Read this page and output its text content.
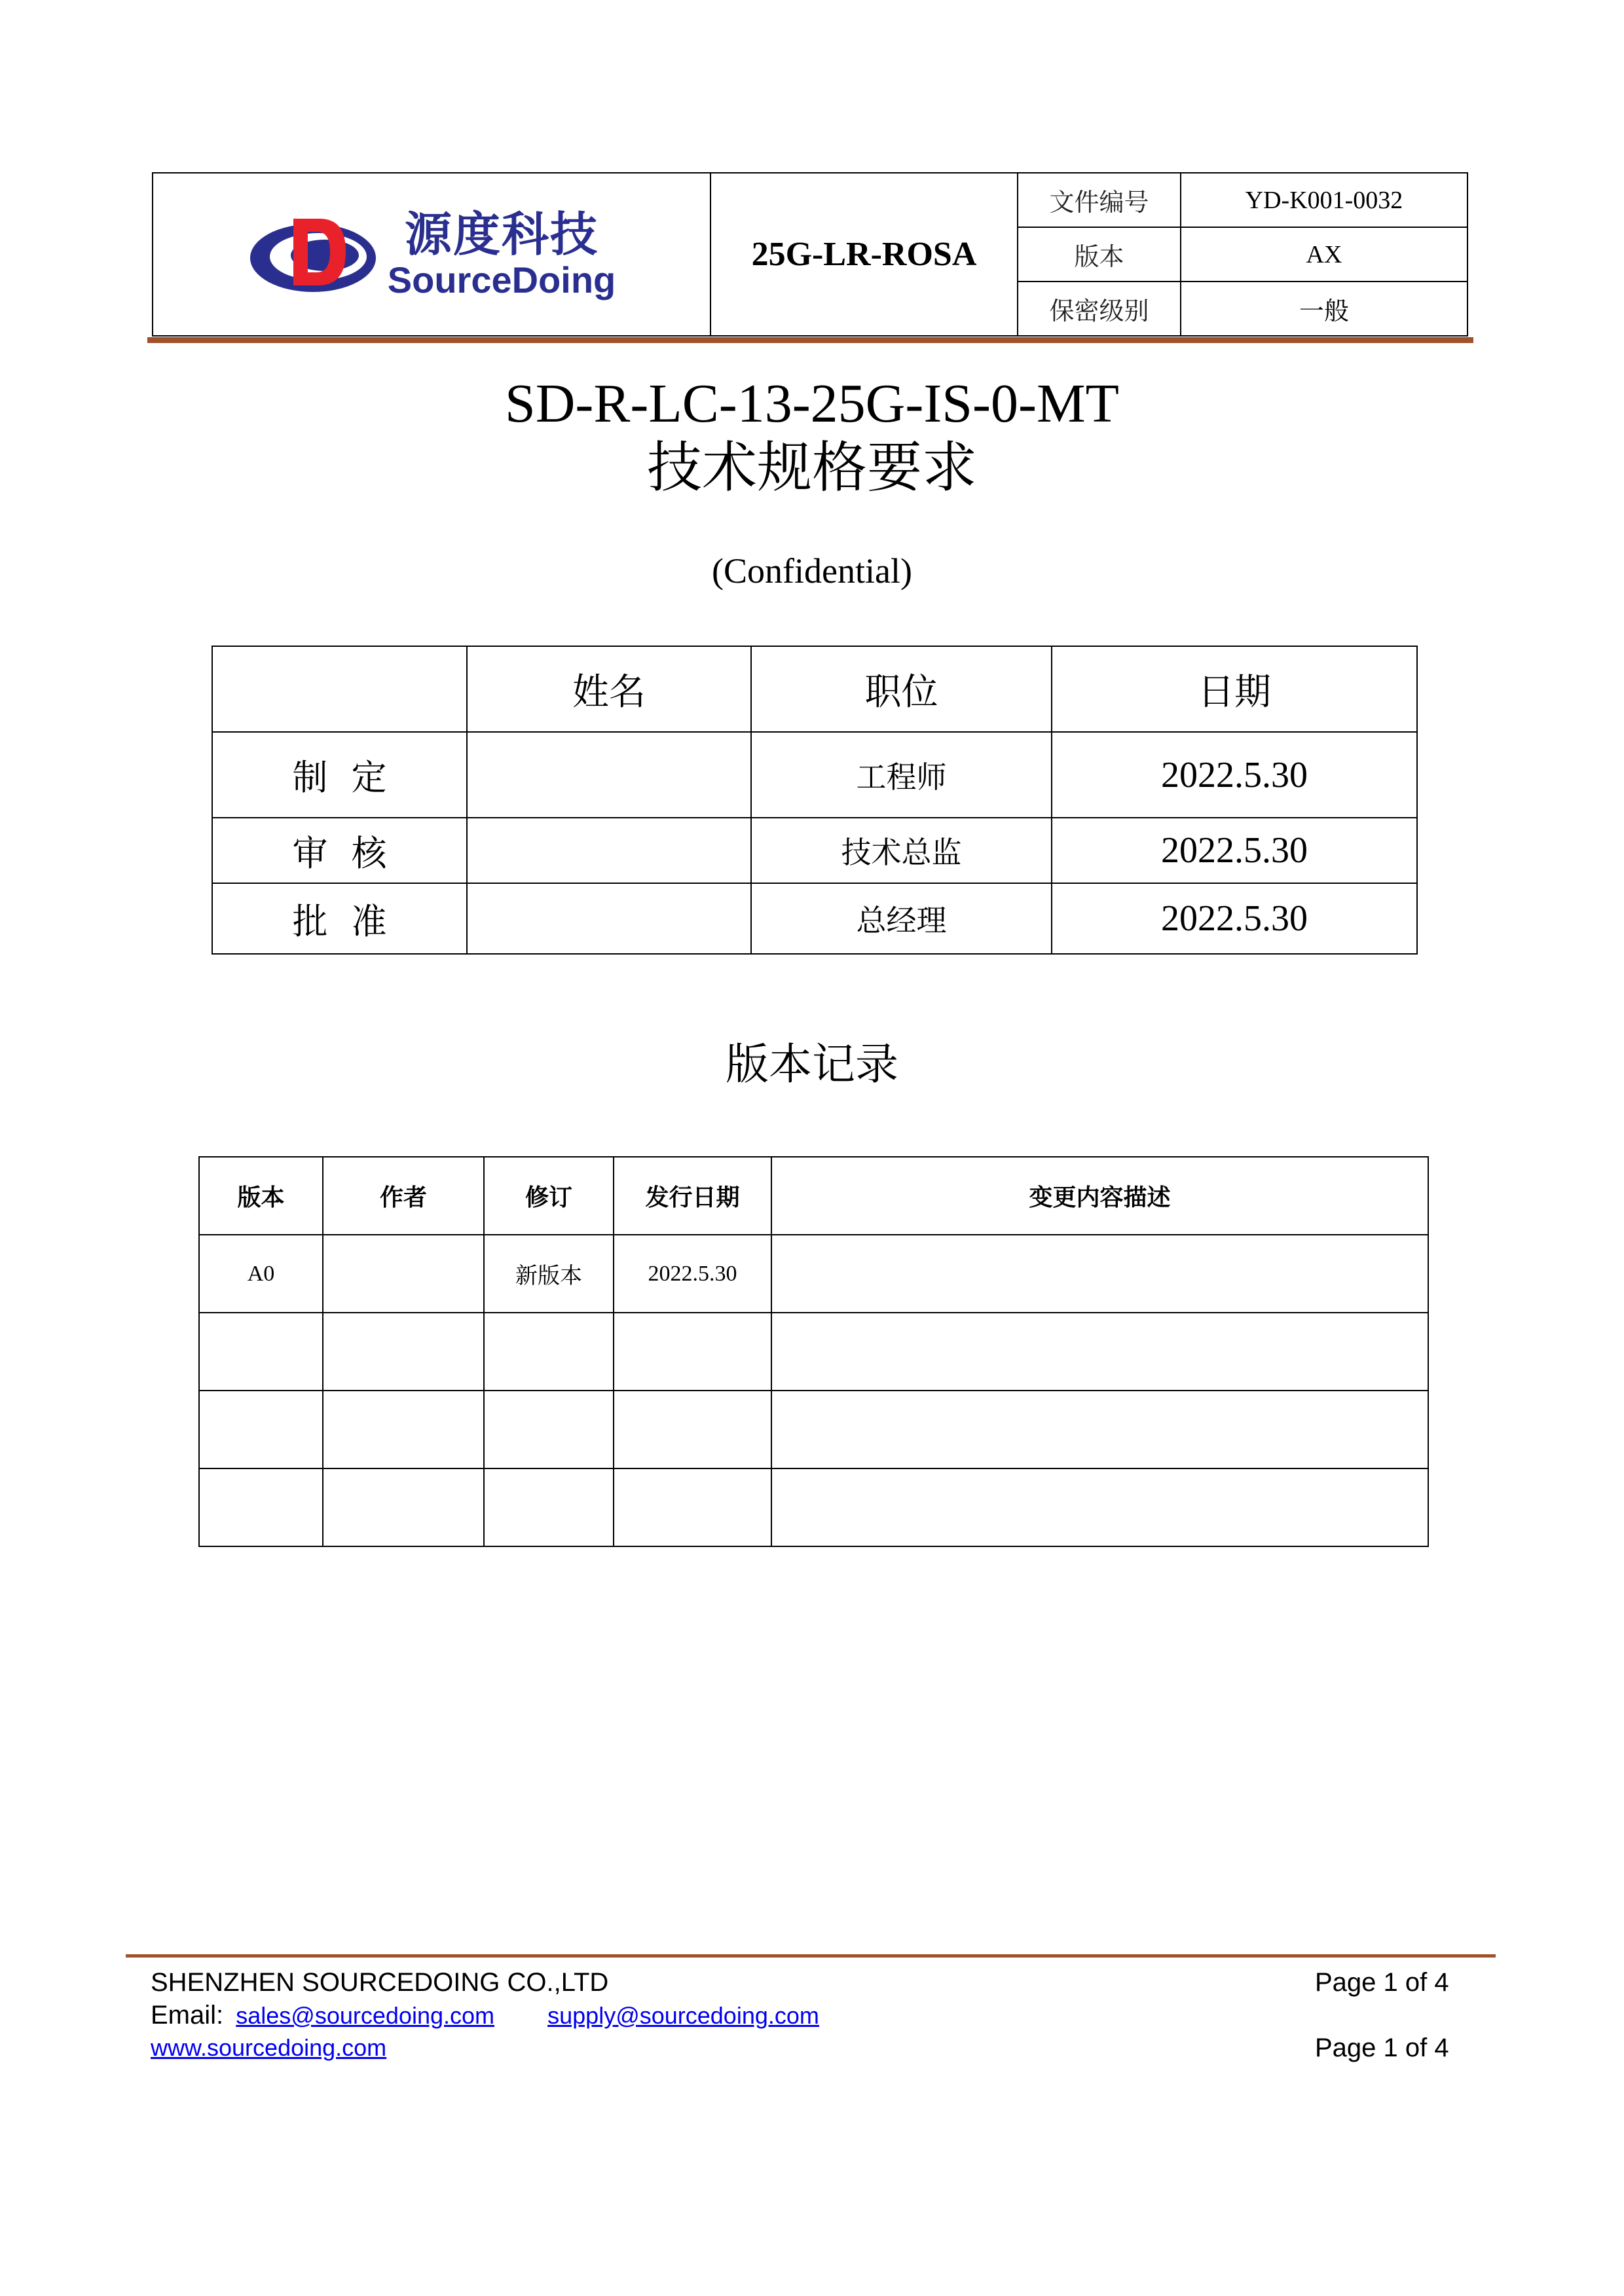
源度科技
SourceDoing	25G-LR-ROSA	文件编号	YD-K001-0032
		版本	AX
		保密级别	一般
SD-R-LC-13-25G-IS-0-MT
技术规格要求
(Confidential)
	姓名	职位	日期
制定		工程师	2022.5.30
审核		技术总监	2022.5.30
批准		总经理	2022.5.30
版本记录
版本	作者	修订	发行日期	变更内容描述
A0		新版本	2022.5.30	

SHENZHEN SOURCEDOING CO.,LTD	Page 1 of 4
Email: sales@sourcedoing.com supply@sourcedoing.com
www.sourcedoing.com	Page 1 of 4
